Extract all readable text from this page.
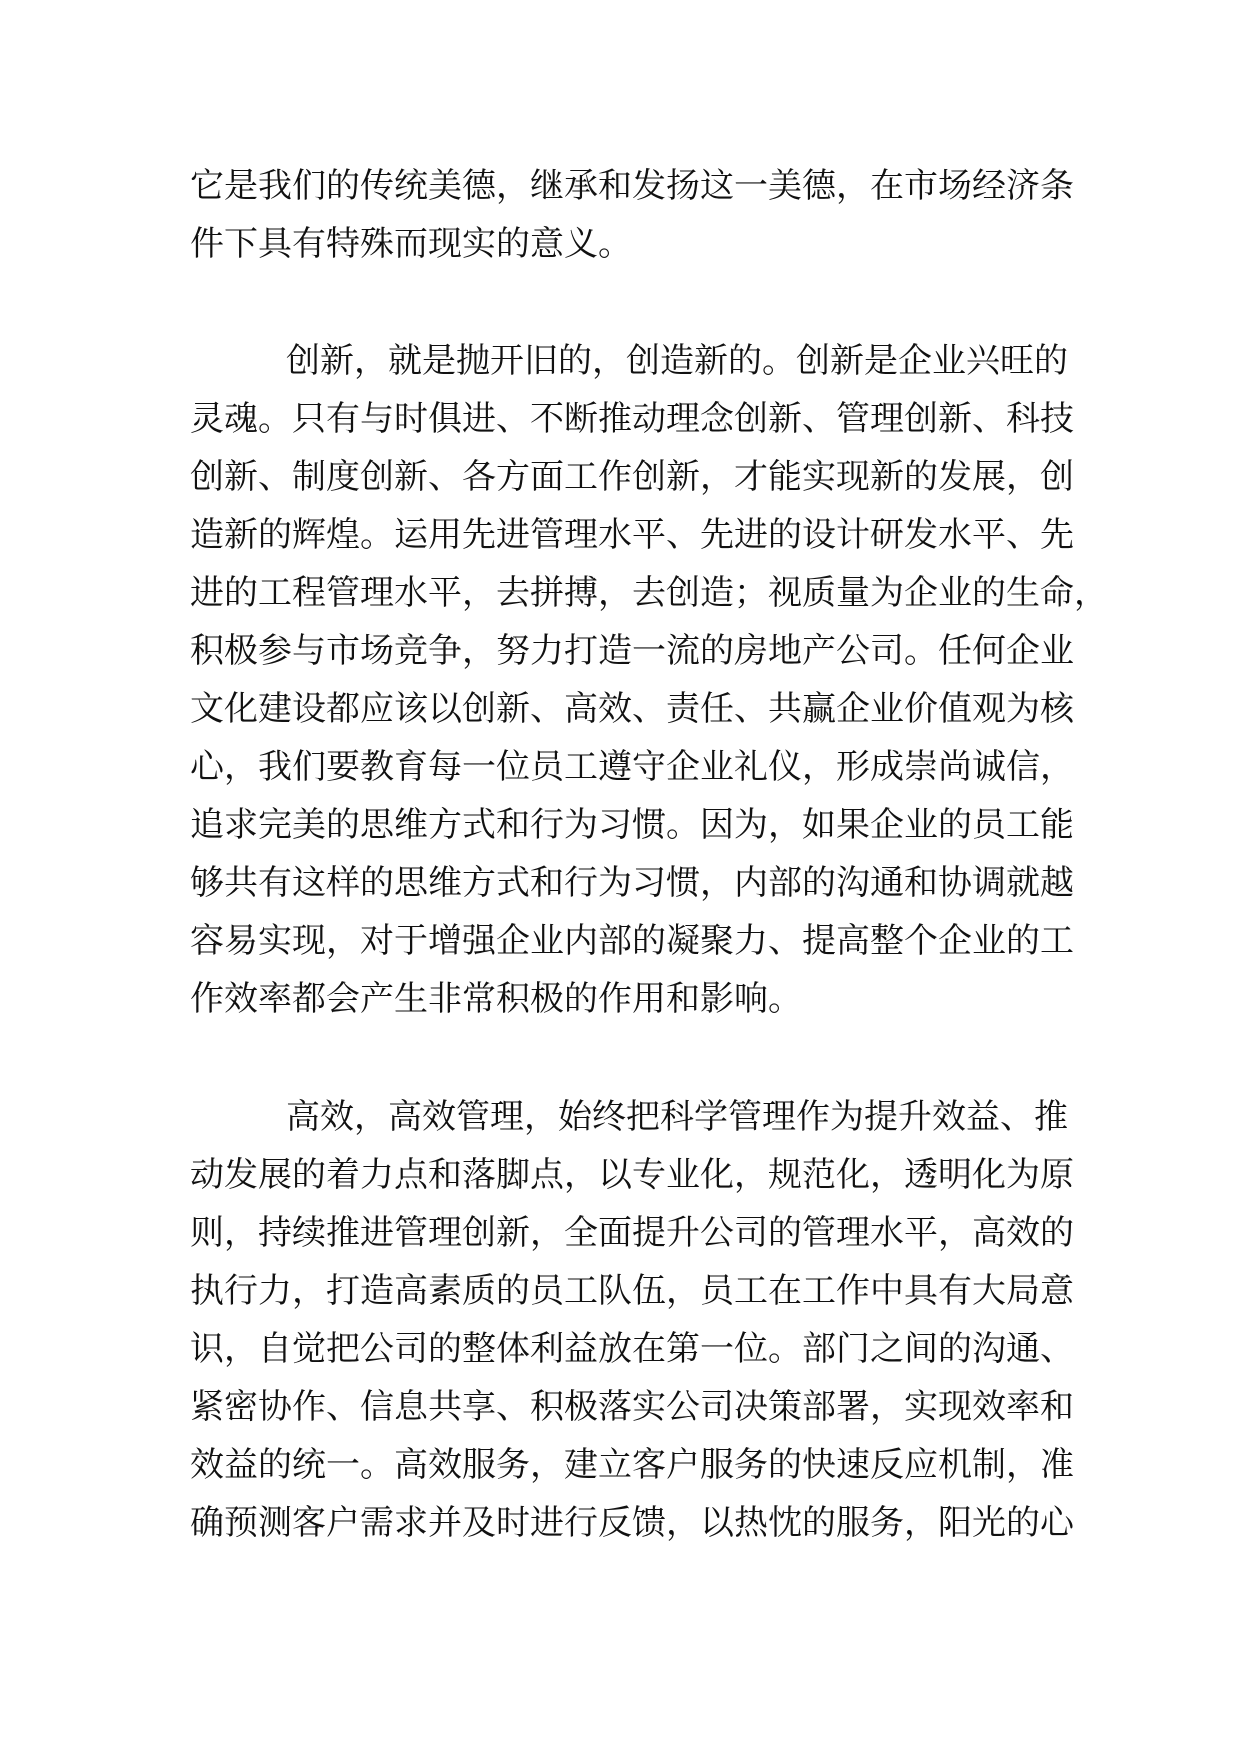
它是我们的传统美德，继承和发扬这一美德，在市场经济条
件下具有特殊而现实的意义。
创新，就是抛开旧的，创造新的。创新是企业兴旺的
灵魂。只有与时俱进、不断推动理念创新、管理创新、科技
创新、制度创新、各方面工作创新，才能实现新的发展，创
造新的辉煌。运用先进管理水平、先进的设计研发水平、先
进的工程管理水平，去拼搏，去创造；视质量为企业的生命，
积极参与市场竞争，努力打造一流的房地产公司。任何企业
文化建设都应该以创新、高效、责任、共赢企业价值观为核
心，我们要教育每一位员工遵守企业礼仪，形成崇尚诚信，
追求完美的思维方式和行为习惯。因为，如果企业的员工能
够共有这样的思维方式和行为习惯，内部的沟通和协调就越
容易实现，对于增强企业内部的凝聚力、提高整个企业的工
作效率都会产生非常积极的作用和影响。
高效，高效管理，始终把科学管理作为提升效益、推
动发展的着力点和落脚点，以专业化，规范化，透明化为原
则，持续推进管理创新，全面提升公司的管理水平，高效的
执行力，打造高素质的员工队伍，员工在工作中具有大局意
识，自觉把公司的整体利益放在第一位。部门之间的沟通、
紧密协作、信息共享、积极落实公司决策部署，实现效率和
效益的统一。高效服务，建立客户服务的快速反应机制，准
确预测客户需求并及时进行反馈，以热忱的服务，阳光的心
